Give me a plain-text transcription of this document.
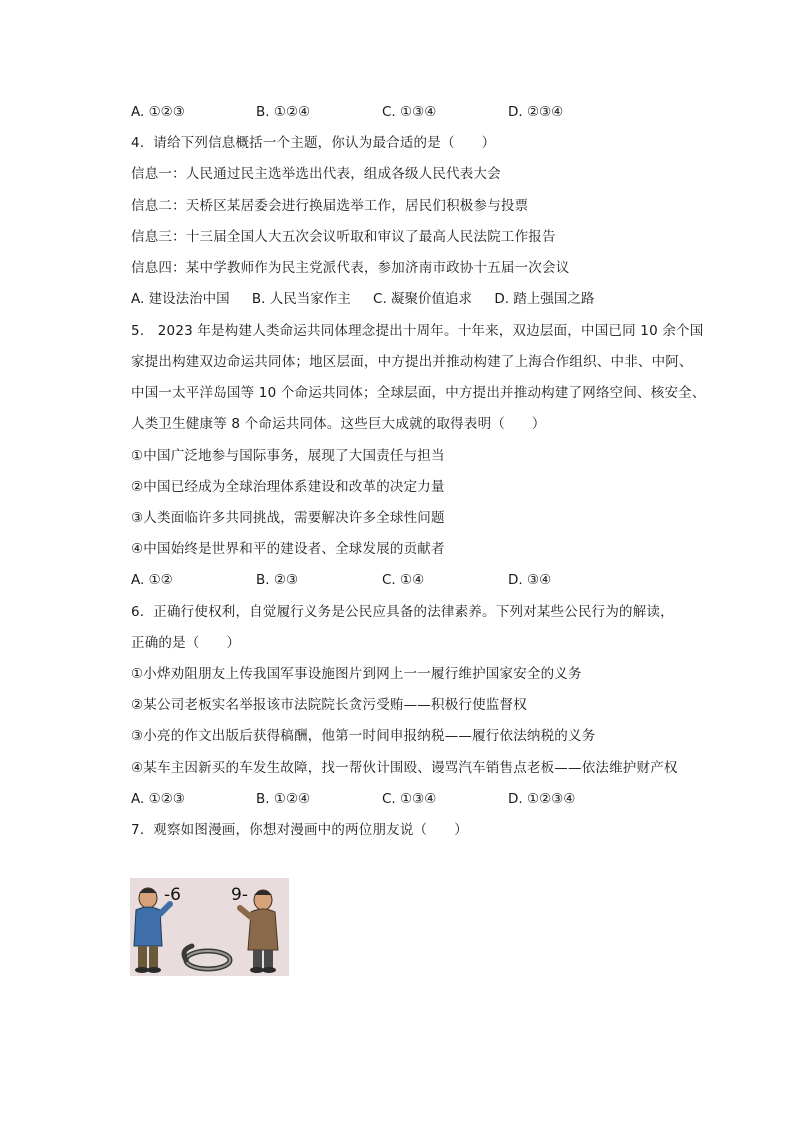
A. ①②③	B. ①②④	C. ①③④	D. ②③④
4.  请给下列信息概括一个主题，你认为最合适的是（      ）
信息一：人民通过民主选举选出代表，组成各级人民代表大会
信息二：天桥区某居委会进行换届选举工作，居民们积极参与投票
信息三：十三届全国人大五次会议听取和审议了最高人民法院工作报告
信息四：某中学教师作为民主党派代表，参加济南市政协十五届一次会议
A. 建设法治中国 B. 人民当家作主 C. 凝聚价值追求 D. 踏上强国之路
5.   2023 年是构建人类命运共同体理念提出十周年。十年来，双边层面，中国已同 10 余个国
家提出构建双边命运共同体；地区层面，中方提出并推动构建了上海合作组织、中非、中阿、
中国一太平洋岛国等 10 个命运共同体；全球层面，中方提出并推动构建了网络空间、核安全、
人类卫生健康等 8 个命运共同体。这些巨大成就的取得表明（      ）
①中国广泛地参与国际事务，展现了大国责任与担当
②中国已经成为全球治理体系建设和改革的决定力量
③人类面临许多共同挑战，需要解决许多全球性问题
④中国始终是世界和平的建设者、全球发展的贡献者
A. ①②	B. ②③	C. ①④	D. ③④
6.  正确行使权利，自觉履行义务是公民应具备的法律素养。下列对某些公民行为的解读，
正确的是（      ）
①小烨劝阻朋友上传我国军事设施图片到网上一一履行维护国家安全的义务
②某公司老板实名举报该市法院院长贪污受贿——积极行使监督权
③小亮的作文出版后获得稿酬，他第一时间申报纳税——履行依法纳税的义务
④某车主因新买的车发生故障，找一帮伙计围殴、谩骂汽车销售点老板——依法维护财产权
A. ①②③	B. ①②④	C. ①③④	D. ①②③④
7.  观察如图漫画，你想对漫画中的两位朋友说（      ）
-6	9-
